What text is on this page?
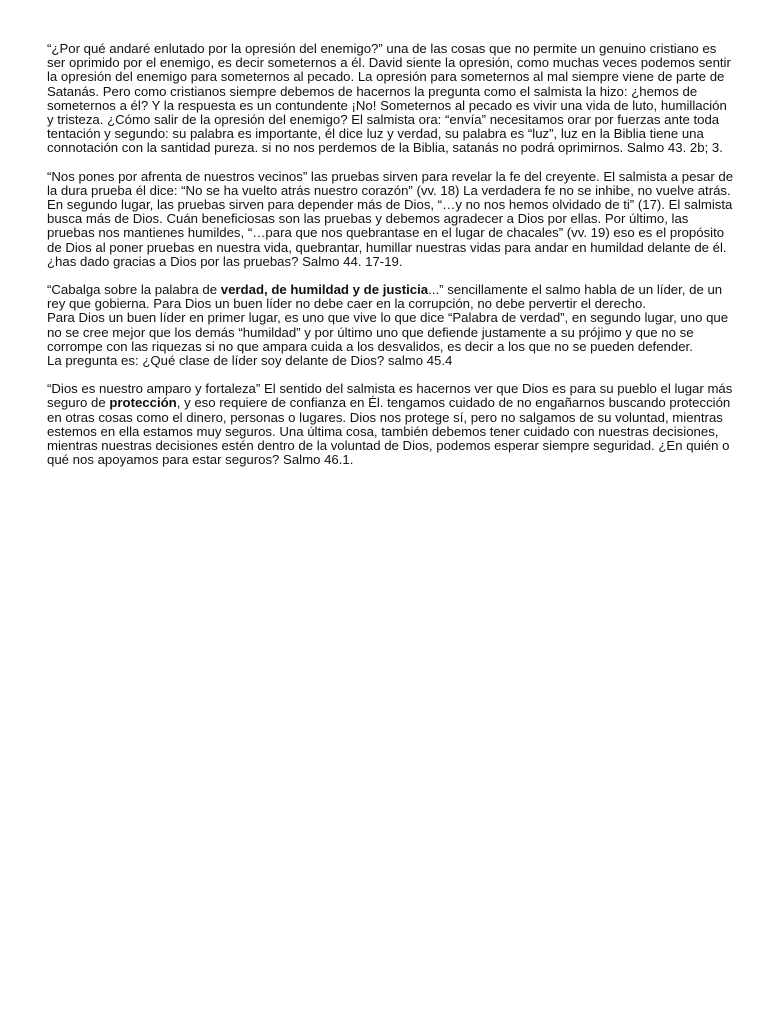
“¿Por qué andaré enlutado por la opresión del enemigo?” una de las cosas que no permite un genuino cristiano es
ser oprimido por el enemigo, es decir someternos a él. David siente la opresión, como muchas veces podemos sentir
la opresión del enemigo para someternos al pecado. La opresión para someternos al mal siempre viene de parte de
Satanás. Pero como cristianos siempre debemos de hacernos la pregunta como el salmista la hizo: ¿hemos de
someternos a él? Y la respuesta es un contundente ¡No! Someternos al pecado es vivir una vida de luto, humillación
y tristeza. ¿Cómo salir de la opresión del enemigo? El salmista ora: “envía” necesitamos orar por fuerzas ante toda
tentación y segundo: su palabra es importante, él dice luz y verdad, su palabra es “luz”, luz en la Biblia tiene una
connotación con la santidad pureza. si no nos perdemos de la Biblia, satanás no podrá oprimirnos. Salmo 43. 2b; 3.

“Nos pones por afrenta de nuestros vecinos” las pruebas sirven para revelar la fe del creyente. El salmista a pesar de
la dura prueba él dice: “No se ha vuelto atrás nuestro corazón” (vv. 18) La verdadera fe no se inhibe, no vuelve atrás.
En segundo lugar, las pruebas sirven para depender más de Dios, “…y no nos hemos olvidado de ti” (17). El salmista
busca más de Dios. Cuán beneficiosas son las pruebas y debemos agradecer a Dios por ellas. Por último, las
pruebas nos mantienes humildes, “…para que nos quebrantase en el lugar de chacales” (vv. 19) eso es el propósito
de Dios al poner pruebas en nuestra vida, quebrantar, humillar nuestras vidas para andar en humildad delante de él.
¿has dado gracias a Dios por las pruebas? Salmo 44. 17-19.

“Cabalga sobre la palabra de verdad, de humildad y de justicia...” sencillamente el salmo habla de un líder, de un
rey que gobierna. Para Dios un buen líder no debe caer en la corrupción, no debe pervertir el derecho.
Para Dios un buen líder en primer lugar, es uno que vive lo que dice “Palabra de verdad”, en segundo lugar, uno que
no se cree mejor que los demás “humildad” y por último uno que defiende justamente a su prójimo y que no se
corrompe con las riquezas si no que ampara cuida a los desvalidos, es decir a los que no se pueden defender.
La pregunta es: ¿Qué clase de líder soy delante de Dios? salmo 45.4

“Dios es nuestro amparo y fortaleza” El sentido del salmista es hacernos ver que Dios es para su pueblo el lugar más
seguro de protección, y eso requiere de confianza en Él. tengamos cuidado de no engañarnos buscando protección
en otras cosas como el dinero, personas o lugares. Dios nos protege sí, pero no salgamos de su voluntad, mientras
estemos en ella estamos muy seguros. Una última cosa, también debemos tener cuidado con nuestras decisiones,
mientras nuestras decisiones estén dentro de la voluntad de Dios, podemos esperar siempre seguridad. ¿En quién o
qué nos apoyamos para estar seguros? Salmo 46.1.
